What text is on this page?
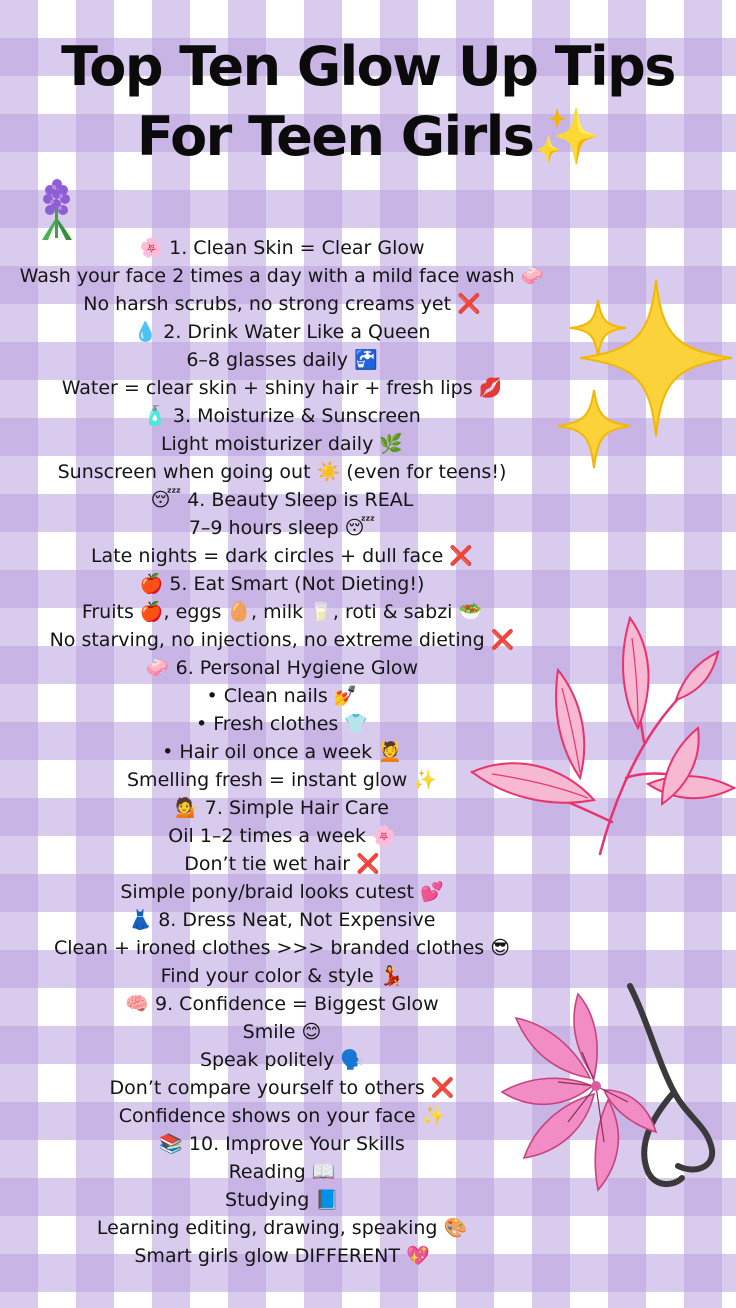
Top Ten Glow Up Tips
For Teen Girls✨
🌸 1. Clean Skin = Clear Glow
Wash your face 2 times a day with a mild face wash 🧼
No harsh scrubs, no strong creams yet ❌
💧 2. Drink Water Like a Queen
6–8 glasses daily 🚰
Water = clear skin + shiny hair + fresh lips 💋
🧴 3. Moisturize & Sunscreen
Light moisturizer daily 🌿
Sunscreen when going out ☀️ (even for teens!)
😴 4. Beauty Sleep is REAL
7–9 hours sleep 😴
Late nights = dark circles + dull face ❌
🍎 5. Eat Smart (Not Dieting!)
Fruits 🍎, eggs 🥚, milk 🥛, roti & sabzi 🥗
No starving, no injections, no extreme dieting ❌
🧼 6. Personal Hygiene Glow
• Clean nails 💅
• Fresh clothes 👕
• Hair oil once a week 💆
Smelling fresh = instant glow ✨
💁 7. Simple Hair Care
Oil 1–2 times a week 🌸
Don’t tie wet hair ❌
Simple pony/braid looks cutest 💕
👗 8. Dress Neat, Not Expensive
Clean + ironed clothes >>> branded clothes 😎
Find your color & style 💃
🧠 9. Confidence = Biggest Glow
Smile 😊
Speak politely 🗣️
Don’t compare yourself to others ❌
Confidence shows on your face ✨
📚 10. Improve Your Skills
Reading 📖
Studying 📘
Learning editing, drawing, speaking 🎨
Smart girls glow DIFFERENT 💖
